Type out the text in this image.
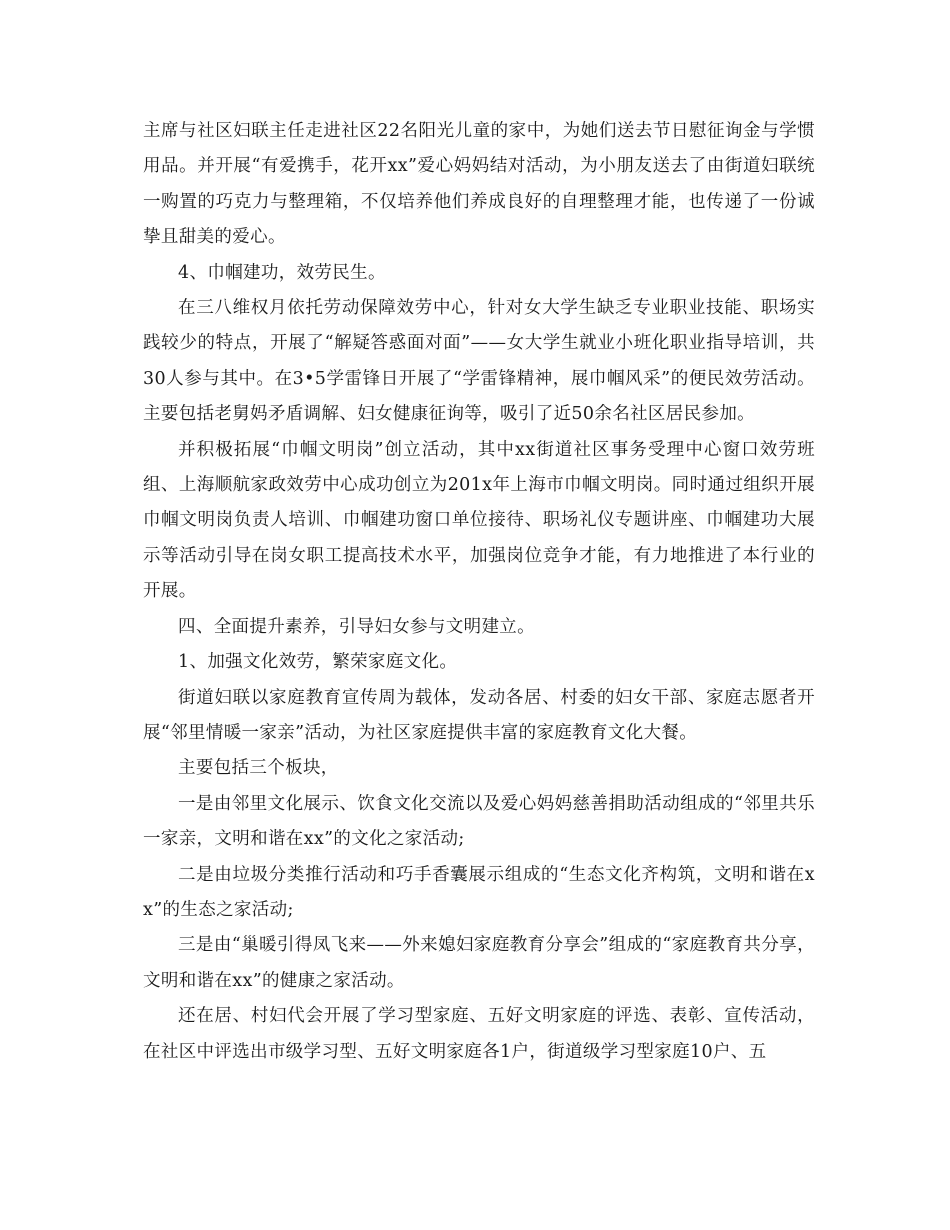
主席与社区妇联主任走进社区22名阳光儿童的家中，为她们送去节日慰征询金与学惯用品。并开展“有爱携手，花开xx”爱心妈妈结对活动，为小朋友送去了由街道妇联统一购置的巧克力与整理箱，不仅培养他们养成良好的自理整理才能，也传递了一份诚挚且甜美的爱心。

4、巾帼建功，效劳民生。

在三八维权月依托劳动保障效劳中心，针对女大学生缺乏专业职业技能、职场实践较少的特点，开展了“解疑答惑面对面”——女大学生就业小班化职业指导培训，共30人参与其中。在3•5学雷锋日开展了“学雷锋精神，展巾帼风采”的便民效劳活动。主要包括老舅妈矛盾调解、妇女健康征询等，吸引了近50余名社区居民参加。

并积极拓展“巾帼文明岗”创立活动，其中xx街道社区事务受理中心窗口效劳班组、上海顺航家政效劳中心成功创立为201x年上海市巾帼文明岗。同时通过组织开展巾帼文明岗负责人培训、巾帼建功窗口单位接待、职场礼仪专题讲座、巾帼建功大展示等活动引导在岗女职工提高技术水平，加强岗位竞争才能，有力地推进了本行业的开展。

四、全面提升素养，引导妇女参与文明建立。

1、加强文化效劳，繁荣家庭文化。

街道妇联以家庭教育宣传周为载体，发动各居、村委的妇女干部、家庭志愿者开展“邻里情暖一家亲”活动，为社区家庭提供丰富的家庭教育文化大餐。

主要包括三个板块，

一是由邻里文化展示、饮食文化交流以及爱心妈妈慈善捐助活动组成的“邻里共乐一家亲，文明和谐在xx”的文化之家活动;

二是由垃圾分类推行活动和巧手香囊展示组成的“生态文化齐构筑，文明和谐在xx”的生态之家活动;

三是由“巢暖引得凤飞来——外来媳妇家庭教育分享会”组成的“家庭教育共分享，文明和谐在xx”的健康之家活动。

还在居、村妇代会开展了学习型家庭、五好文明家庭的评选、表彰、宣传活动，在社区中评选出市级学习型、五好文明家庭各1户，街道级学习型家庭10户、五
